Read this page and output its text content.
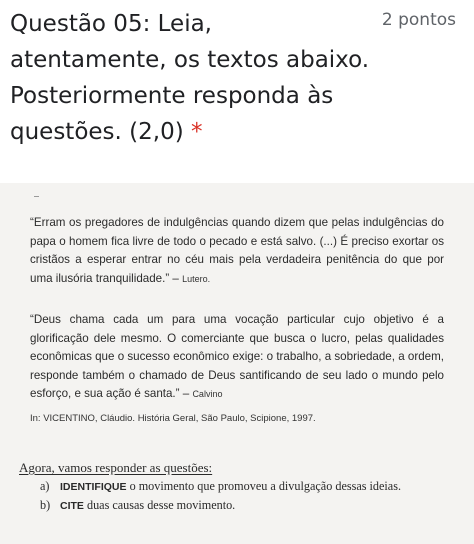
Questão 05: Leia, atentamente, os textos abaixo. Posteriormente responda às questões. (2,0) *
2 pontos
“Erram os pregadores de indulgências quando dizem que pelas indulgências do papa o homem fica livre de todo o pecado e está salvo. (...) É preciso exortar os cristãos a esperar entrar no céu mais pela verdadeira penitência do que por uma ilusória tranquilidade.” – Lutero.
“Deus chama cada um para uma vocação particular cujo objetivo é a glorificação dele mesmo. O comerciante que busca o lucro, pelas qualidades econômicas que o sucesso econômico exige: o trabalho, a sobriedade, a ordem, responde também o chamado de Deus santificando de seu lado o mundo pelo esforço, e sua ação é santa.” – Calvino
In: VICENTINO, Cláudio. História Geral, São Paulo, Scipione, 1997.
Agora, vamos responder as questões:
a) IDENTIFIQUE o movimento que promoveu a divulgação dessas ideias.
b) CITE duas causas desse movimento.
